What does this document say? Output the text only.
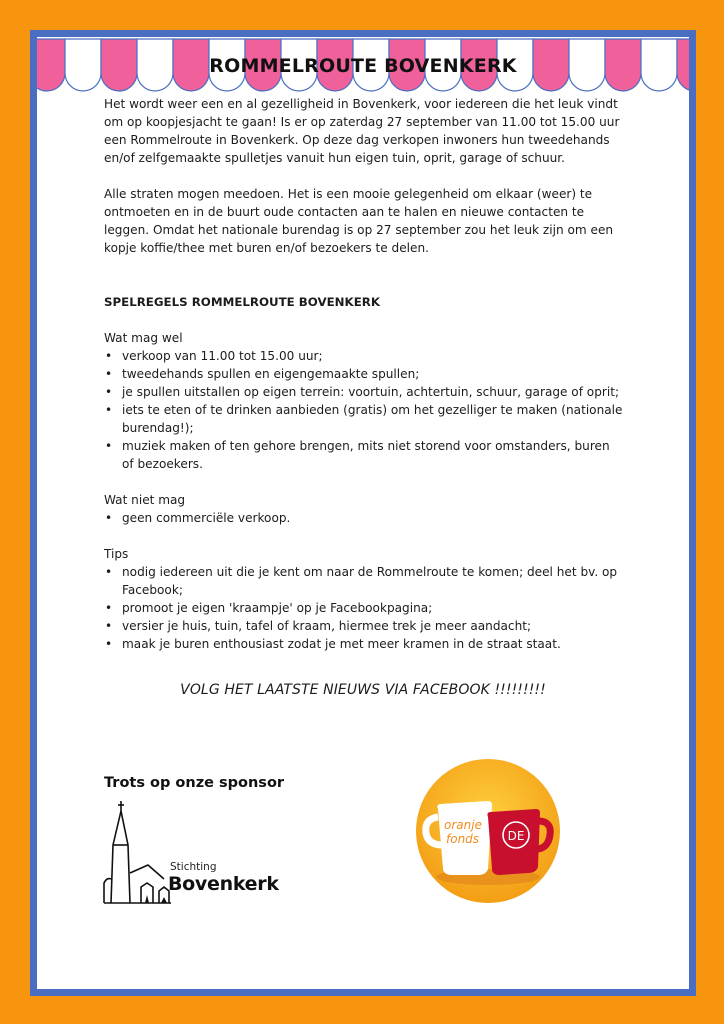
ROMMELROUTE BOVENKERK

Het wordt weer een en al gezelligheid in Bovenkerk, voor iedereen die het leuk vindt om op koopjesjacht te gaan! Is er op zaterdag 27 september van 11.00 tot 15.00 uur een Rommelroute in Bovenkerk. Op deze dag verkopen inwoners hun tweedehands en/of zelfgemaakte spulletjes vanuit hun eigen tuin, oprit, garage of schuur.

Alle straten mogen meedoen. Het is een mooie gelegenheid om elkaar (weer) te ontmoeten en in de buurt oude contacten aan te halen en nieuwe contacten te leggen. Omdat het nationale burendag is op 27 september zou het leuk zijn om een kopje koffie/thee met buren en/of bezoekers te delen.

SPELREGELS ROMMELROUTE BOVENKERK

Wat mag wel

• verkoop van 11.00 tot 15.00 uur;
• tweedehands spullen en eigengemaakte spullen;
• je spullen uitstallen op eigen terrein: voortuin, achtertuin, schuur, garage of oprit;
• iets te eten of te drinken aanbieden (gratis) om het gezelliger te maken (nationale burendag!);
• muziek maken of ten gehore brengen, mits niet storend voor omstanders, buren of bezoekers.

Wat niet mag

• geen commerciële verkoop.

Tips

• nodig iedereen uit die je kent om naar de Rommelroute te komen; deel het bv. op Facebook;
• promoot je eigen 'kraampje' op je Facebookpagina;
• versier je huis, tuin, tafel of kraam, hiermee trek je meer aandacht;
• maak je buren enthousiast zodat je met meer kramen in de straat staat.
VOLG HET LAATSTE NIEUWS VIA FACEBOOK !!!!!!!!!

Trots op onze sponsor

Stichting
Bovenkerk
oranje
fonds DE
